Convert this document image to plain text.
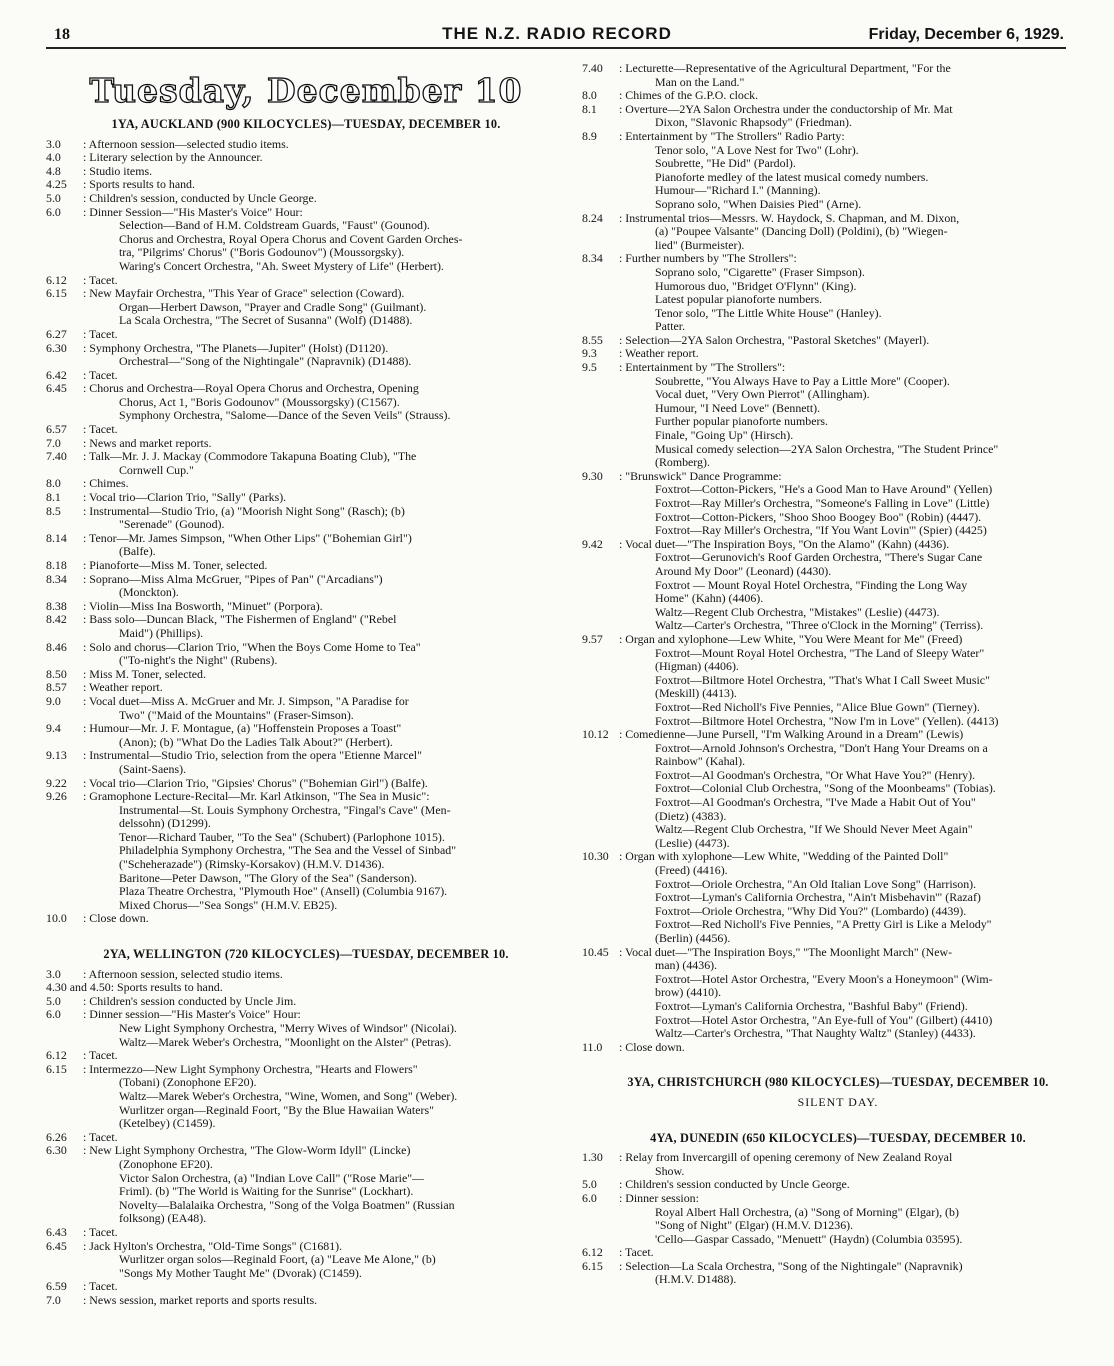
18	THE N.Z. RADIO RECORD	Friday, December 6, 1929.
Tuesday, December 10
1YA, AUCKLAND (900 KILOCYCLES)—TUESDAY, DECEMBER 10.
3.0	: Afternoon session—selected studio items.
4.0	: Literary selection by the Announcer.
4.8	: Studio items.
4.25	: Sports results to hand.
5.0	: Children's session, conducted by Uncle George.
6.0	: Dinner Session—"His Master's Voice" Hour:
Selection—Band of H.M. Coldstream Guards, "Faust" (Gounod).
Chorus and Orchestra, Royal Opera Chorus and Covent Garden Orches-
tra, "Pilgrims' Chorus" ("Boris Godounov") (Moussorgsky).
Waring's Concert Orchestra, "Ah. Sweet Mystery of Life" (Herbert).
6.12	: Tacet.
6.15	: New Mayfair Orchestra, "This Year of Grace" selection (Coward).
Organ—Herbert Dawson, "Prayer and Cradle Song" (Guilmant).
La Scala Orchestra, "The Secret of Susanna" (Wolf) (D1488).
6.27	: Tacet.
6.30	: Symphony Orchestra, "The Planets—Jupiter" (Holst) (D1120).
Orchestral—"Song of the Nightingale" (Napravnik) (D1488).
6.42	: Tacet.
6.45	: Chorus and Orchestra—Royal Opera Chorus and Orchestra, Opening
Chorus, Act 1, "Boris Godounov" (Moussorgsky) (C1567).
Symphony Orchestra, "Salome—Dance of the Seven Veils" (Strauss).
6.57	: Tacet.
7.0	: News and market reports.
7.40	: Talk—Mr. J. J. Mackay (Commodore Takapuna Boating Club), "The
Cornwell Cup."
8.0	: Chimes.
8.1	: Vocal trio—Clarion Trio, "Sally" (Parks).
8.5	: Instrumental—Studio Trio, (a) "Moorish Night Song" (Rasch); (b)
"Serenade" (Gounod).
8.14	: Tenor—Mr. James Simpson, "When Other Lips" ("Bohemian Girl")
(Balfe).
8.18	: Pianoforte—Miss M. Toner, selected.
8.34	: Soprano—Miss Alma McGruer, "Pipes of Pan" ("Arcadians")
(Monckton).
8.38	: Violin—Miss Ina Bosworth, "Minuet" (Porpora).
8.42	: Bass solo—Duncan Black, "The Fishermen of England" ("Rebel
Maid") (Phillips).
8.46	: Solo and chorus—Clarion Trio, "When the Boys Come Home to Tea"
("To-night's the Night" (Rubens).
8.50	: Miss M. Toner, selected.
8.57	: Weather report.
9.0	: Vocal duet—Miss A. McGruer and Mr. J. Simpson, "A Paradise for
Two" ("Maid of the Mountains" (Fraser-Simson).
9.4	: Humour—Mr. J. F. Montague, (a) "Hoffenstein Proposes a Toast"
(Anon); (b) "What Do the Ladies Talk About?" (Herbert).
9.13	: Instrumental—Studio Trio, selection from the opera "Etienne Marcel"
(Saint-Saens).
9.22	: Vocal trio—Clarion Trio, "Gipsies' Chorus" ("Bohemian Girl") (Balfe).
9.26	: Gramophone Lecture-Recital—Mr. Karl Atkinson, "The Sea in Music":
Instrumental—St. Louis Symphony Orchestra, "Fingal's Cave" (Men-
delssohn) (D1299).
Tenor—Richard Tauber, "To the Sea" (Schubert) (Parlophone 1015).
Philadelphia Symphony Orchestra, "The Sea and the Vessel of Sinbad"
("Scheherazade") (Rimsky-Korsakov) (H.M.V. D1436).
Baritone—Peter Dawson, "The Glory of the Sea" (Sanderson).
Plaza Theatre Orchestra, "Plymouth Hoe" (Ansell) (Columbia 9167).
Mixed Chorus—"Sea Songs" (H.M.V. EB25).
10.0	: Close down.
2YA, WELLINGTON (720 KILOCYCLES)—TUESDAY, DECEMBER 10.
3.0	: Afternoon session, selected studio items.
4.30 and 4.50 : Sports results to hand.
5.0	: Children's session conducted by Uncle Jim.
6.0	: Dinner session—"His Master's Voice" Hour:
New Light Symphony Orchestra, "Merry Wives of Windsor" (Nicolai).
Waltz—Marek Weber's Orchestra, "Moonlight on the Alster" (Petras).
6.12	: Tacet.
6.15	: Intermezzo—New Light Symphony Orchestra, "Hearts and Flowers"
(Tobani) (Zonophone EF20).
Waltz—Marek Weber's Orchestra, "Wine, Women, and Song" (Weber).
Wurlitzer organ—Reginald Foort, "By the Blue Hawaiian Waters"
(Ketelbey) (C1459).
6.26	: Tacet.
6.30	: New Light Symphony Orchestra, "The Glow-Worm Idyll" (Lincke)
(Zonophone EF20).
Victor Salon Orchestra, (a) "Indian Love Call" ("Rose Marie"—
Friml). (b) "The World is Waiting for the Sunrise" (Lockhart).
Novelty—Balalaika Orchestra, "Song of the Volga Boatmen" (Russian
folksong) (EA48).
6.43	: Tacet.
6.45	: Jack Hylton's Orchestra, "Old-Time Songs" (C1681).
Wurlitzer organ solos—Reginald Foort, (a) "Leave Me Alone," (b)
"Songs My Mother Taught Me" (Dvorak) (C1459).
6.59	: Tacet.
7.0	: News session, market reports and sports results.
7.40	: Lecturette—Representative of the Agricultural Department, "For the
Man on the Land."
8.0	: Chimes of the G.P.O. clock.
8.1	: Overture—2YA Salon Orchestra under the conductorship of Mr. Mat
Dixon, "Slavonic Rhapsody" (Friedman).
8.9	: Entertainment by "The Strollers" Radio Party:
Tenor solo, "A Love Nest for Two" (Lohr).
Soubrette, "He Did" (Pardol).
Pianoforte medley of the latest musical comedy numbers.
Humour—"Richard I." (Manning).
Soprano solo, "When Daisies Pied" (Arne).
8.24	: Instrumental trios—Messrs. W. Haydock, S. Chapman, and M. Dixon,
(a) "Poupee Valsante" (Dancing Doll) (Poldini), (b) "Wiegen-
lied" (Burmeister).
8.34	: Further numbers by "The Strollers":
Soprano solo, "Cigarette" (Fraser Simpson).
Humorous duo, "Bridget O'Flynn" (King).
Latest popular pianoforte numbers.
Tenor solo, "The Little White House" (Hanley).
Patter.
8.55	: Selection—2YA Salon Orchestra, "Pastoral Sketches" (Mayerl).
9.3	: Weather report.
9.5	: Entertainment by "The Strollers":
Soubrette, "You Always Have to Pay a Little More" (Cooper).
Vocal duet, "Very Own Pierrot" (Allingham).
Humour, "I Need Love" (Bennett).
Further popular pianoforte numbers.
Finale, "Going Up" (Hirsch).
Musical comedy selection—2YA Salon Orchestra, "The Student Prince"
(Romberg).
9.30	: "Brunswick" Dance Programme:
Foxtrot—Cotton-Pickers, "He's a Good Man to Have Around" (Yellen)
Foxtrot—Ray Miller's Orchestra, "Someone's Falling in Love" (Little)
Foxtrot—Cotton-Pickers, "Shoo Shoo Boogey Boo" (Robin) (4447).
Foxtrot—Ray Miller's Orchestra, "If You Want Lovin'" (Spier) (4425)
9.42	: Vocal duet—"The Inspiration Boys, "On the Alamo" (Kahn) (4436).
Foxtrot—Gerunovich's Roof Garden Orchestra, "There's Sugar Cane
Around My Door" (Leonard) (4430).
Foxtrot — Mount Royal Hotel Orchestra, "Finding the Long Way
Home" (Kahn) (4406).
Waltz—Regent Club Orchestra, "Mistakes" (Leslie) (4473).
Waltz—Carter's Orchestra, "Three o'Clock in the Morning" (Terriss).
9.57	: Organ and xylophone—Lew White, "You Were Meant for Me" (Freed)
Foxtrot—Mount Royal Hotel Orchestra, "The Land of Sleepy Water"
(Higman) (4406).
Foxtrot—Biltmore Hotel Orchestra, "That's What I Call Sweet Music"
(Meskill) (4413).
Foxtrot—Red Nicholl's Five Pennies, "Alice Blue Gown" (Tierney).
Foxtrot—Biltmore Hotel Orchestra, "Now I'm in Love" (Yellen). (4413)
10.12 : Comedienne—June Pursell, "I'm Walking Around in a Dream" (Lewis)
Foxtrot—Arnold Johnson's Orchestra, "Don't Hang Your Dreams on a
Rainbow" (Kahal).
Foxtrot—Al Goodman's Orchestra, "Or What Have You?" (Henry).
Foxtrot—Colonial Club Orchestra, "Song of the Moonbeams" (Tobias).
Foxtrot—Al Goodman's Orchestra, "I've Made a Habit Out of You"
(Dietz) (4383).
Waltz—Regent Club Orchestra, "If We Should Never Meet Again"
(Leslie) (4473).
10.30 : Organ with xylophone—Lew White, "Wedding of the Painted Doll"
(Freed) (4416).
Foxtrot—Oriole Orchestra, "An Old Italian Love Song" (Harrison).
Foxtrot—Lyman's California Orchestra, "Ain't Misbehavin'" (Razaf)
Foxtrot—Oriole Orchestra, "Why Did You?" (Lombardo) (4439).
Foxtrot—Red Nicholl's Five Pennies, "A Pretty Girl is Like a Melody"
(Berlin) (4456).
10.45 : Vocal duet—"The Inspiration Boys," "The Moonlight March" (New-
man) (4436).
Foxtrot—Hotel Astor Orchestra, "Every Moon's a Honeymoon" (Wim-
brow) (4410).
Foxtrot—Lyman's California Orchestra, "Bashful Baby" (Friend).
Foxtrot—Hotel Astor Orchestra, "An Eye-full of You" (Gilbert) (4410)
Waltz—Carter's Orchestra, "That Naughty Waltz" (Stanley) (4433).
11.0	: Close down.
3YA, CHRISTCHURCH (980 KILOCYCLES)—TUESDAY, DECEMBER 10.
SILENT DAY.
4YA, DUNEDIN (650 KILOCYCLES)—TUESDAY, DECEMBER 10.
1.30	: Relay from Invercargill of opening ceremony of New Zealand Royal
Show.
5.0	: Children's session conducted by Uncle George.
6.0	: Dinner session:
Royal Albert Hall Orchestra, (a) "Song of Morning" (Elgar), (b)
"Song of Night" (Elgar) (H.M.V. D1236).
'Cello—Gaspar Cassado, "Menuett" (Haydn) (Columbia 03595).
6.12	: Tacet.
6.15	: Selection—La Scala Orchestra, "Song of the Nightingale" (Napravnik)
(H.M.V. D1488).
